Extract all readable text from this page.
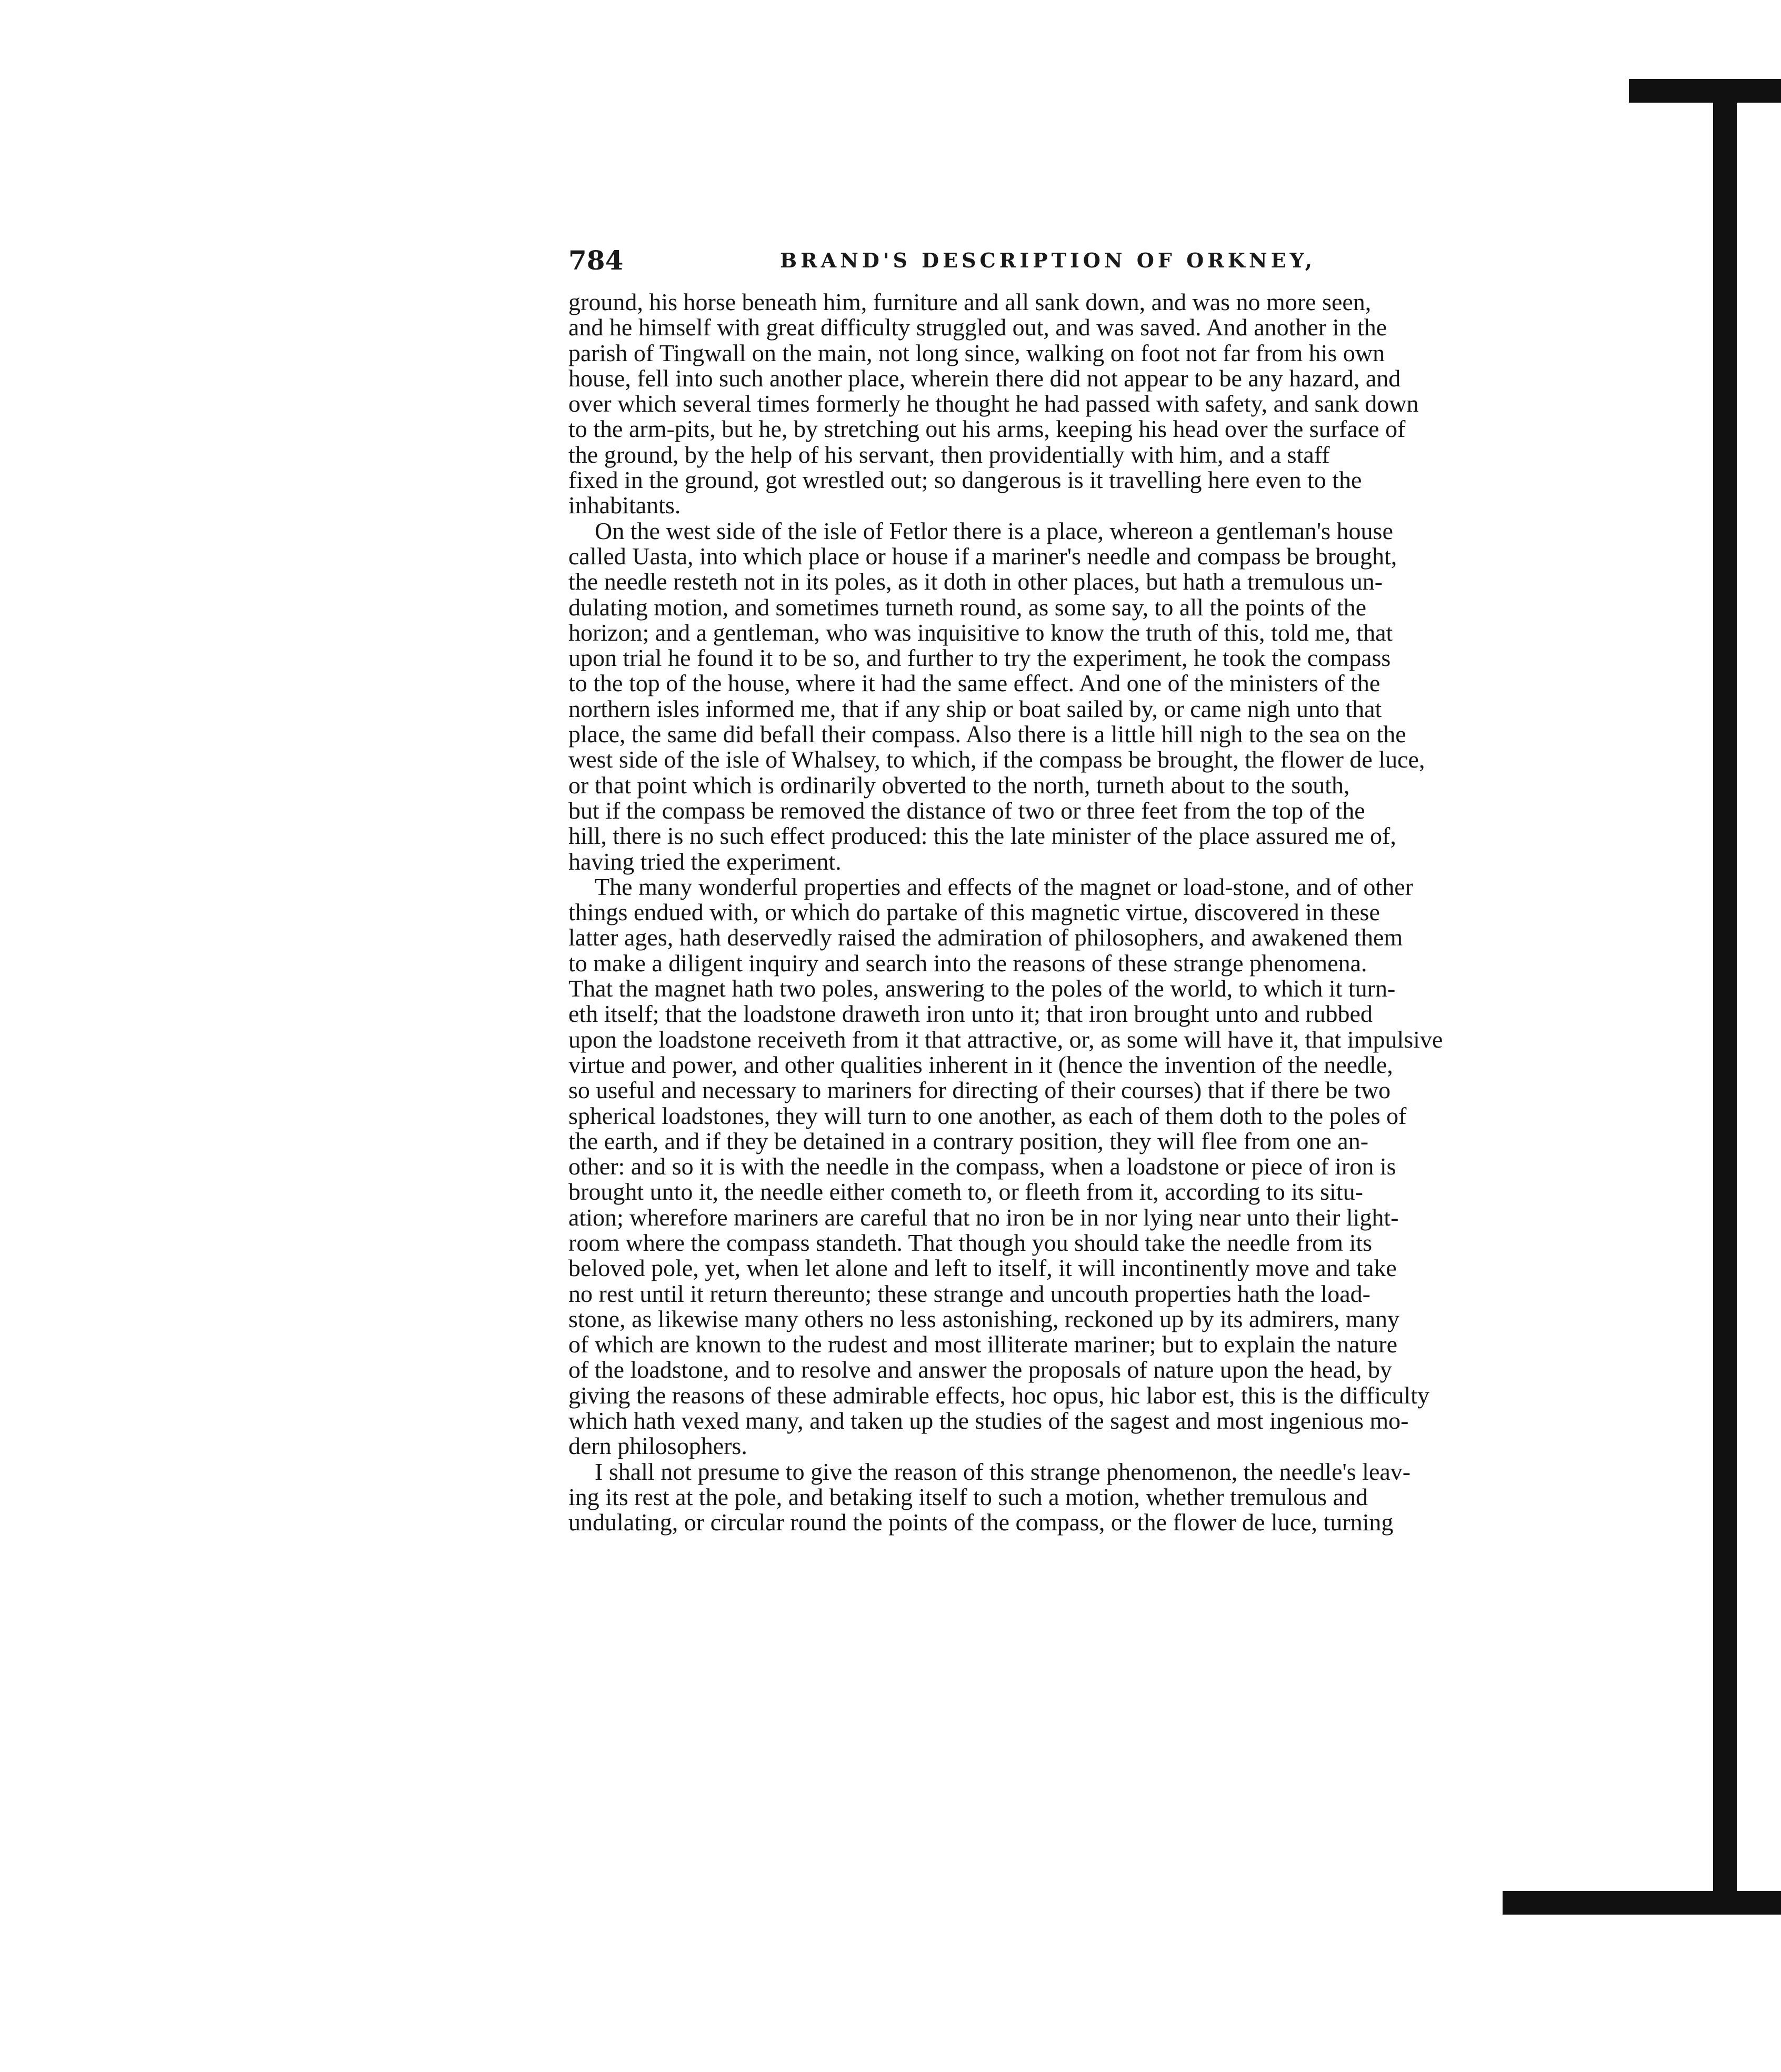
784	BRAND'S DESCRIPTION OF ORKNEY,
ground, his horse beneath him, furniture and all sank down, and was no more seen,
and he himself with great difficulty struggled out, and was saved. And another in the
parish of Tingwall on the main, not long since, walking on foot not far from his own
house, fell into such another place, wherein there did not appear to be any hazard, and
over which several times formerly he thought he had passed with safety, and sank down
to the arm-pits, but he, by stretching out his arms, keeping his head over the surface of
the ground, by the help of his servant, then providentially with him, and a staff
fixed in the ground, got wrestled out; so dangerous is it travelling here even to the
inhabitants.
On the west side of the isle of Fetlor there is a place, whereon a gentleman's house
called Uasta, into which place or house if a mariner's needle and compass be brought,
the needle resteth not in its poles, as it doth in other places, but hath a tremulous un-
dulating motion, and sometimes turneth round, as some say, to all the points of the
horizon; and a gentleman, who was inquisitive to know the truth of this, told me, that
upon trial he found it to be so, and further to try the experiment, he took the compass
to the top of the house, where it had the same effect. And one of the ministers of the
northern isles informed me, that if any ship or boat sailed by, or came nigh unto that
place, the same did befall their compass. Also there is a little hill nigh to the sea on the
west side of the isle of Whalsey, to which, if the compass be brought, the flower de luce,
or that point which is ordinarily obverted to the north, turneth about to the south,
but if the compass be removed the distance of two or three feet from the top of the
hill, there is no such effect produced: this the late minister of the place assured me of,
having tried the experiment.
The many wonderful properties and effects of the magnet or load-stone, and of other
things endued with, or which do partake of this magnetic virtue, discovered in these
latter ages, hath deservedly raised the admiration of philosophers, and awakened them
to make a diligent inquiry and search into the reasons of these strange phenomena.
That the magnet hath two poles, answering to the poles of the world, to which it turn-
eth itself; that the loadstone draweth iron unto it; that iron brought unto and rubbed
upon the loadstone receiveth from it that attractive, or, as some will have it, that impulsive
virtue and power, and other qualities inherent in it (hence the invention of the needle,
so useful and necessary to mariners for directing of their courses) that if there be two
spherical loadstones, they will turn to one another, as each of them doth to the poles of
the earth, and if they be detained in a contrary position, they will flee from one an-
other: and so it is with the needle in the compass, when a loadstone or piece of iron is
brought unto it, the needle either cometh to, or fleeth from it, according to its situ-
ation; wherefore mariners are careful that no iron be in nor lying near unto their light-
room where the compass standeth. That though you should take the needle from its
beloved pole, yet, when let alone and left to itself, it will incontinently move and take
no rest until it return thereunto; these strange and uncouth properties hath the load-
stone, as likewise many others no less astonishing, reckoned up by its admirers, many
of which are known to the rudest and most illiterate mariner; but to explain the nature
of the loadstone, and to resolve and answer the proposals of nature upon the head, by
giving the reasons of these admirable effects, hoc opus, hic labor est, this is the difficulty
which hath vexed many, and taken up the studies of the sagest and most ingenious mo-
dern philosophers.
I shall not presume to give the reason of this strange phenomenon, the needle's leav-
ing its rest at the pole, and betaking itself to such a motion, whether tremulous and
undulating, or circular round the points of the compass, or the flower de luce, turning
